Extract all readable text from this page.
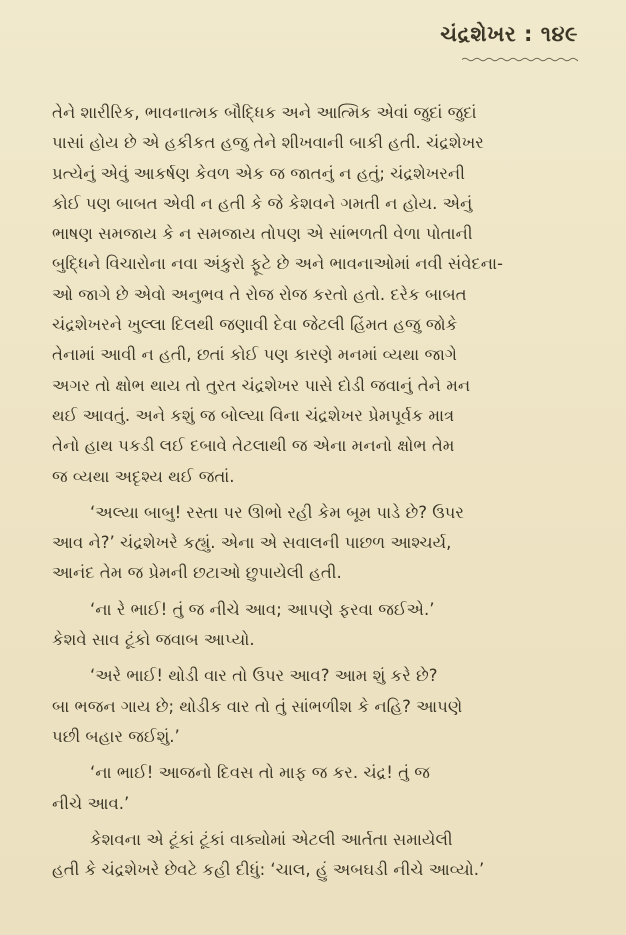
ચંદ્રશેખર : ૧૪૯

તેને શારીરિક, ભાવનાત્મક બૌદ્ધિક અને આત્મિક એવાં જુદાં જુદાં
પાસાં હોય છે એ હકીકત હજુ તેને શીખવાની બાકી હતી. ચંદ્રશેખર
પ્રત્યેનું એવું આકર્ષણ કેવળ એક જ જાતનું ન હતું; ચંદ્રશેખરની
કોઈ પણ બાબત એવી ન હતી કે જે કેશવને ગમતી ન હોય. એનું
ભાષણ સમજાય કે ન સમજાય તોપણ એ સાંભળતી વેળા પોતાની
બુદ્ધિને વિચારોના નવા અંકુરો ફૂટે છે અને ભાવનાઓમાં નવી સંવેદના-
ઓ જાગે છે એવો અનુભવ તે રોજ રોજ કરતો હતો. દરેક બાબત
ચંદ્રશેખરને ખુલ્લા દિલથી જણાવી દેવા જેટલી હિંમત હજુ જોકે
તેનામાં આવી ન હતી, છતાં કોઈ પણ કારણે મનમાં વ્યથા જાગે
અગર તો ક્ષોભ થાય તો તુરત ચંદ્રશેખર પાસે દોડી જવાનું તેને મન
થઈ આવતું. અને કશું જ બોલ્યા વિના ચંદ્રશેખર પ્રેમપૂર્વક માત્ર
તેનો હાથ પકડી લઈ દબાવે તેટલાથી જ એના મનનો ક્ષોભ તેમ
જ વ્યથા અદૃશ્ય થઈ જતાં.

‘અલ્યા બાબુ! રસ્તા પર ઊભો રહી કેમ બૂમ પાડે છે? ઉપર
આવ ને?’ ચંદ્રશેખરે કહ્યું. એના એ સવાલની પાછળ આશ્ચર્ય,
આનંદ તેમ જ પ્રેમની છટાઓ છુપાયેલી હતી.

‘ના રે ભાઈ! તું જ નીચે આવ; આપણે ફરવા જઈએ.’
કેશવે સાવ ટૂંકો જવાબ આપ્યો.

‘અરે ભાઈ! થોડી વાર તો ઉપર આવ? આમ શું કરે છે?
બા ભજન ગાય છે; થોડીક વાર તો તું સાંભળીશ કે નહિ? આપણે
પછી બહાર જઈશું.’

‘ના ભાઈ! આજનો દિવસ તો માફ જ કર. ચંદ્ર! તું જ
નીચે આવ.’

કેશવના એ ટૂંકાં ટૂંકાં વાક્યોમાં એટલી આર્તતા સમાયેલી
હતી કે ચંદ્રશેખરે છેવટે કહી દીધું: ‘ચાલ, હું અબઘડી નીચે આવ્યો.’
